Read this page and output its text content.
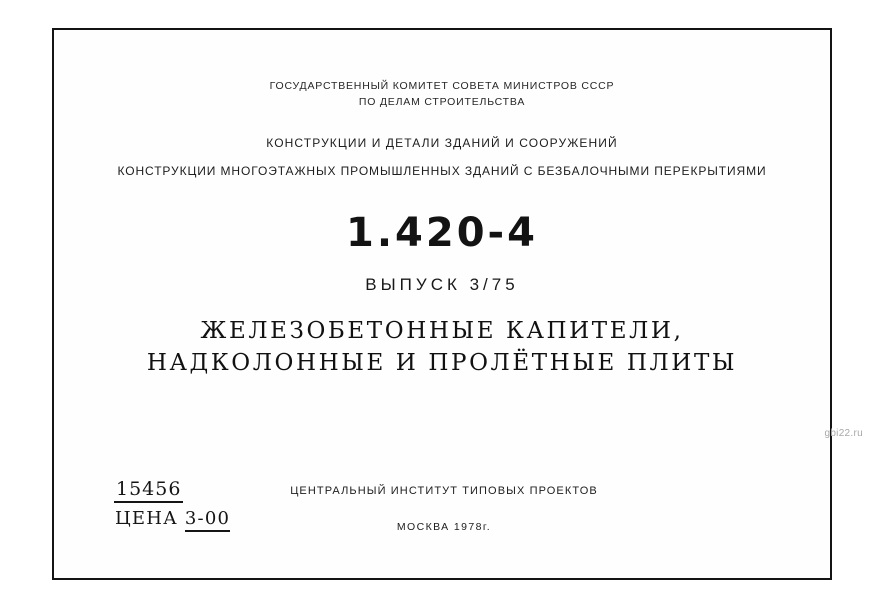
ГОСУДАРСТВЕННЫЙ КОМИТЕТ СОВЕТА МИНИСТРОВ СССР
ПО ДЕЛАМ СТРОИТЕЛЬСТВА
КОНСТРУКЦИИ И ДЕТАЛИ ЗДАНИЙ И СООРУЖЕНИЙ
КОНСТРУКЦИИ МНОГОЭТАЖНЫХ ПРОМЫШЛЕННЫХ ЗДАНИЙ С БЕЗБАЛОЧНЫМИ ПЕРЕКРЫТИЯМИ
1.420-4
ВЫПУСК 3/75
ЖЕЛЕЗОБЕТОННЫЕ КАПИТЕЛИ,
НАДКОЛОННЫЕ И ПРОЛЁТНЫЕ ПЛИТЫ
15456
ЦЕНА 3-00
ЦЕНТРАЛЬНЫЙ ИНСТИТУТ ТИПОВЫХ ПРОЕКТОВ
МОСКВА 1978г.
gbi22.ru
